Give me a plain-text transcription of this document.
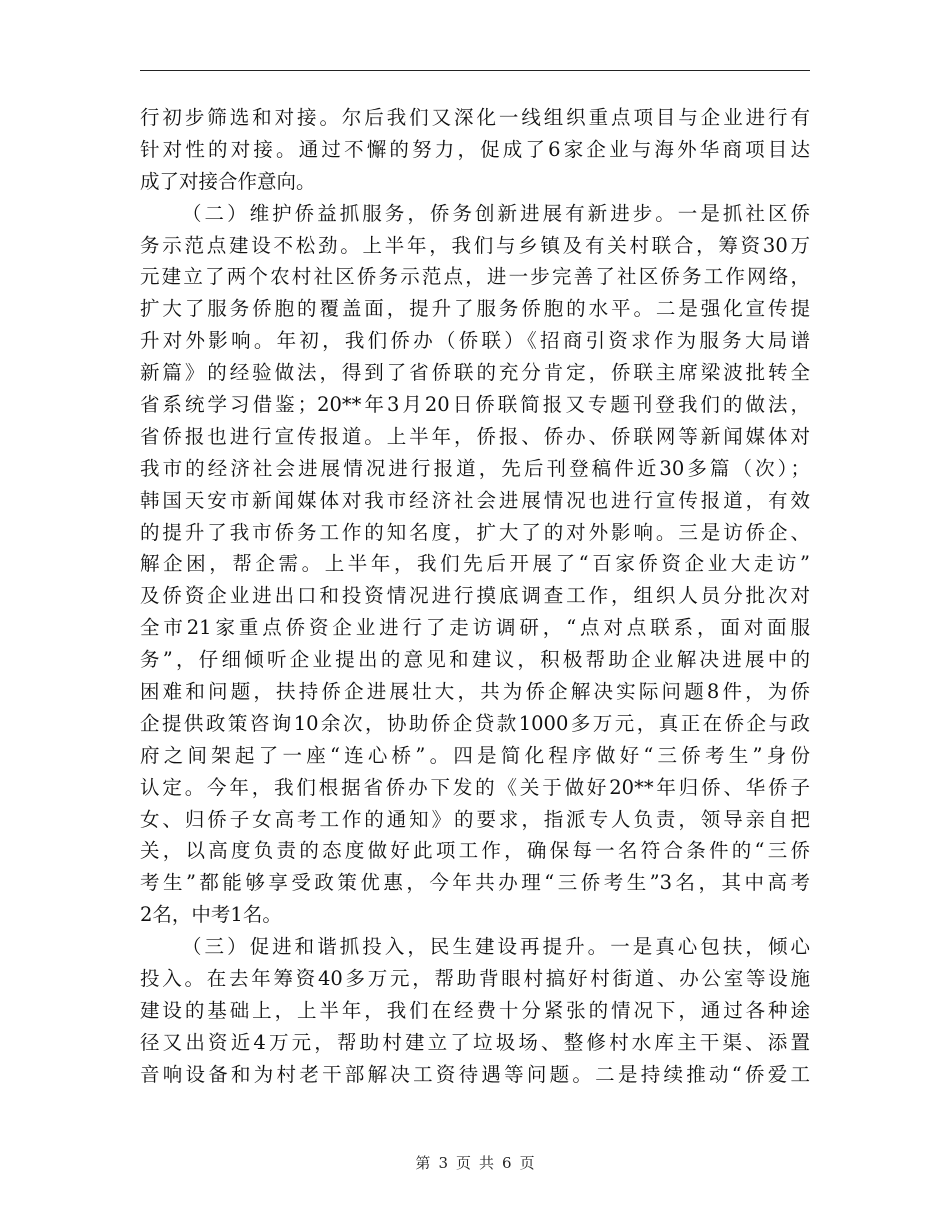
行初步筛选和对接。尔后我们又深化一线组织重点项目与企业进行有
针对性的对接。通过不懈的努力，促成了6家企业与海外华商项目达
成了对接合作意向。
（二）维护侨益抓服务，侨务创新进展有新进步。一是抓社区侨
务示范点建设不松劲。上半年，我们与乡镇及有关村联合，筹资30万
元建立了两个农村社区侨务示范点，进一步完善了社区侨务工作网络，
扩大了服务侨胞的覆盖面，提升了服务侨胞的水平。二是强化宣传提
升对外影响。年初，我们侨办（侨联）《招商引资求作为服务大局谱
新篇》的经验做法，得到了省侨联的充分肯定，侨联主席梁波批转全
省系统学习借鉴；20**年3月20日侨联简报又专题刊登我们的做法，
省侨报也进行宣传报道。上半年，侨报、侨办、侨联网等新闻媒体对
我市的经济社会进展情况进行报道，先后刊登稿件近30多篇（次）；
韩国天安市新闻媒体对我市经济社会进展情况也进行宣传报道，有效
的提升了我市侨务工作的知名度，扩大了的对外影响。三是访侨企、
解企困，帮企需。上半年，我们先后开展了“百家侨资企业大走访”
及侨资企业进出口和投资情况进行摸底调查工作，组织人员分批次对
全市21家重点侨资企业进行了走访调研，“点对点联系，面对面服
务”，仔细倾听企业提出的意见和建议，积极帮助企业解决进展中的
困难和问题，扶持侨企进展壮大，共为侨企解决实际问题8件，为侨
企提供政策咨询10余次，协助侨企贷款1000多万元，真正在侨企与政
府之间架起了一座“连心桥”。四是简化程序做好“三侨考生”身份
认定。今年，我们根据省侨办下发的《关于做好20**年归侨、华侨子
女、归侨子女高考工作的通知》的要求，指派专人负责，领导亲自把
关，以高度负责的态度做好此项工作，确保每一名符合条件的“三侨
考生”都能够享受政策优惠，今年共办理“三侨考生”3名，其中高考
2名，中考1名。
（三）促进和谐抓投入，民生建设再提升。一是真心包扶，倾心
投入。在去年筹资40多万元，帮助背眼村搞好村街道、办公室等设施
建设的基础上，上半年，我们在经费十分紧张的情况下，通过各种途
径又出资近4万元，帮助村建立了垃圾场、整修村水库主干渠、添置
音响设备和为村老干部解决工资待遇等问题。二是持续推动“侨爱工
第 3 页 共 6 页
